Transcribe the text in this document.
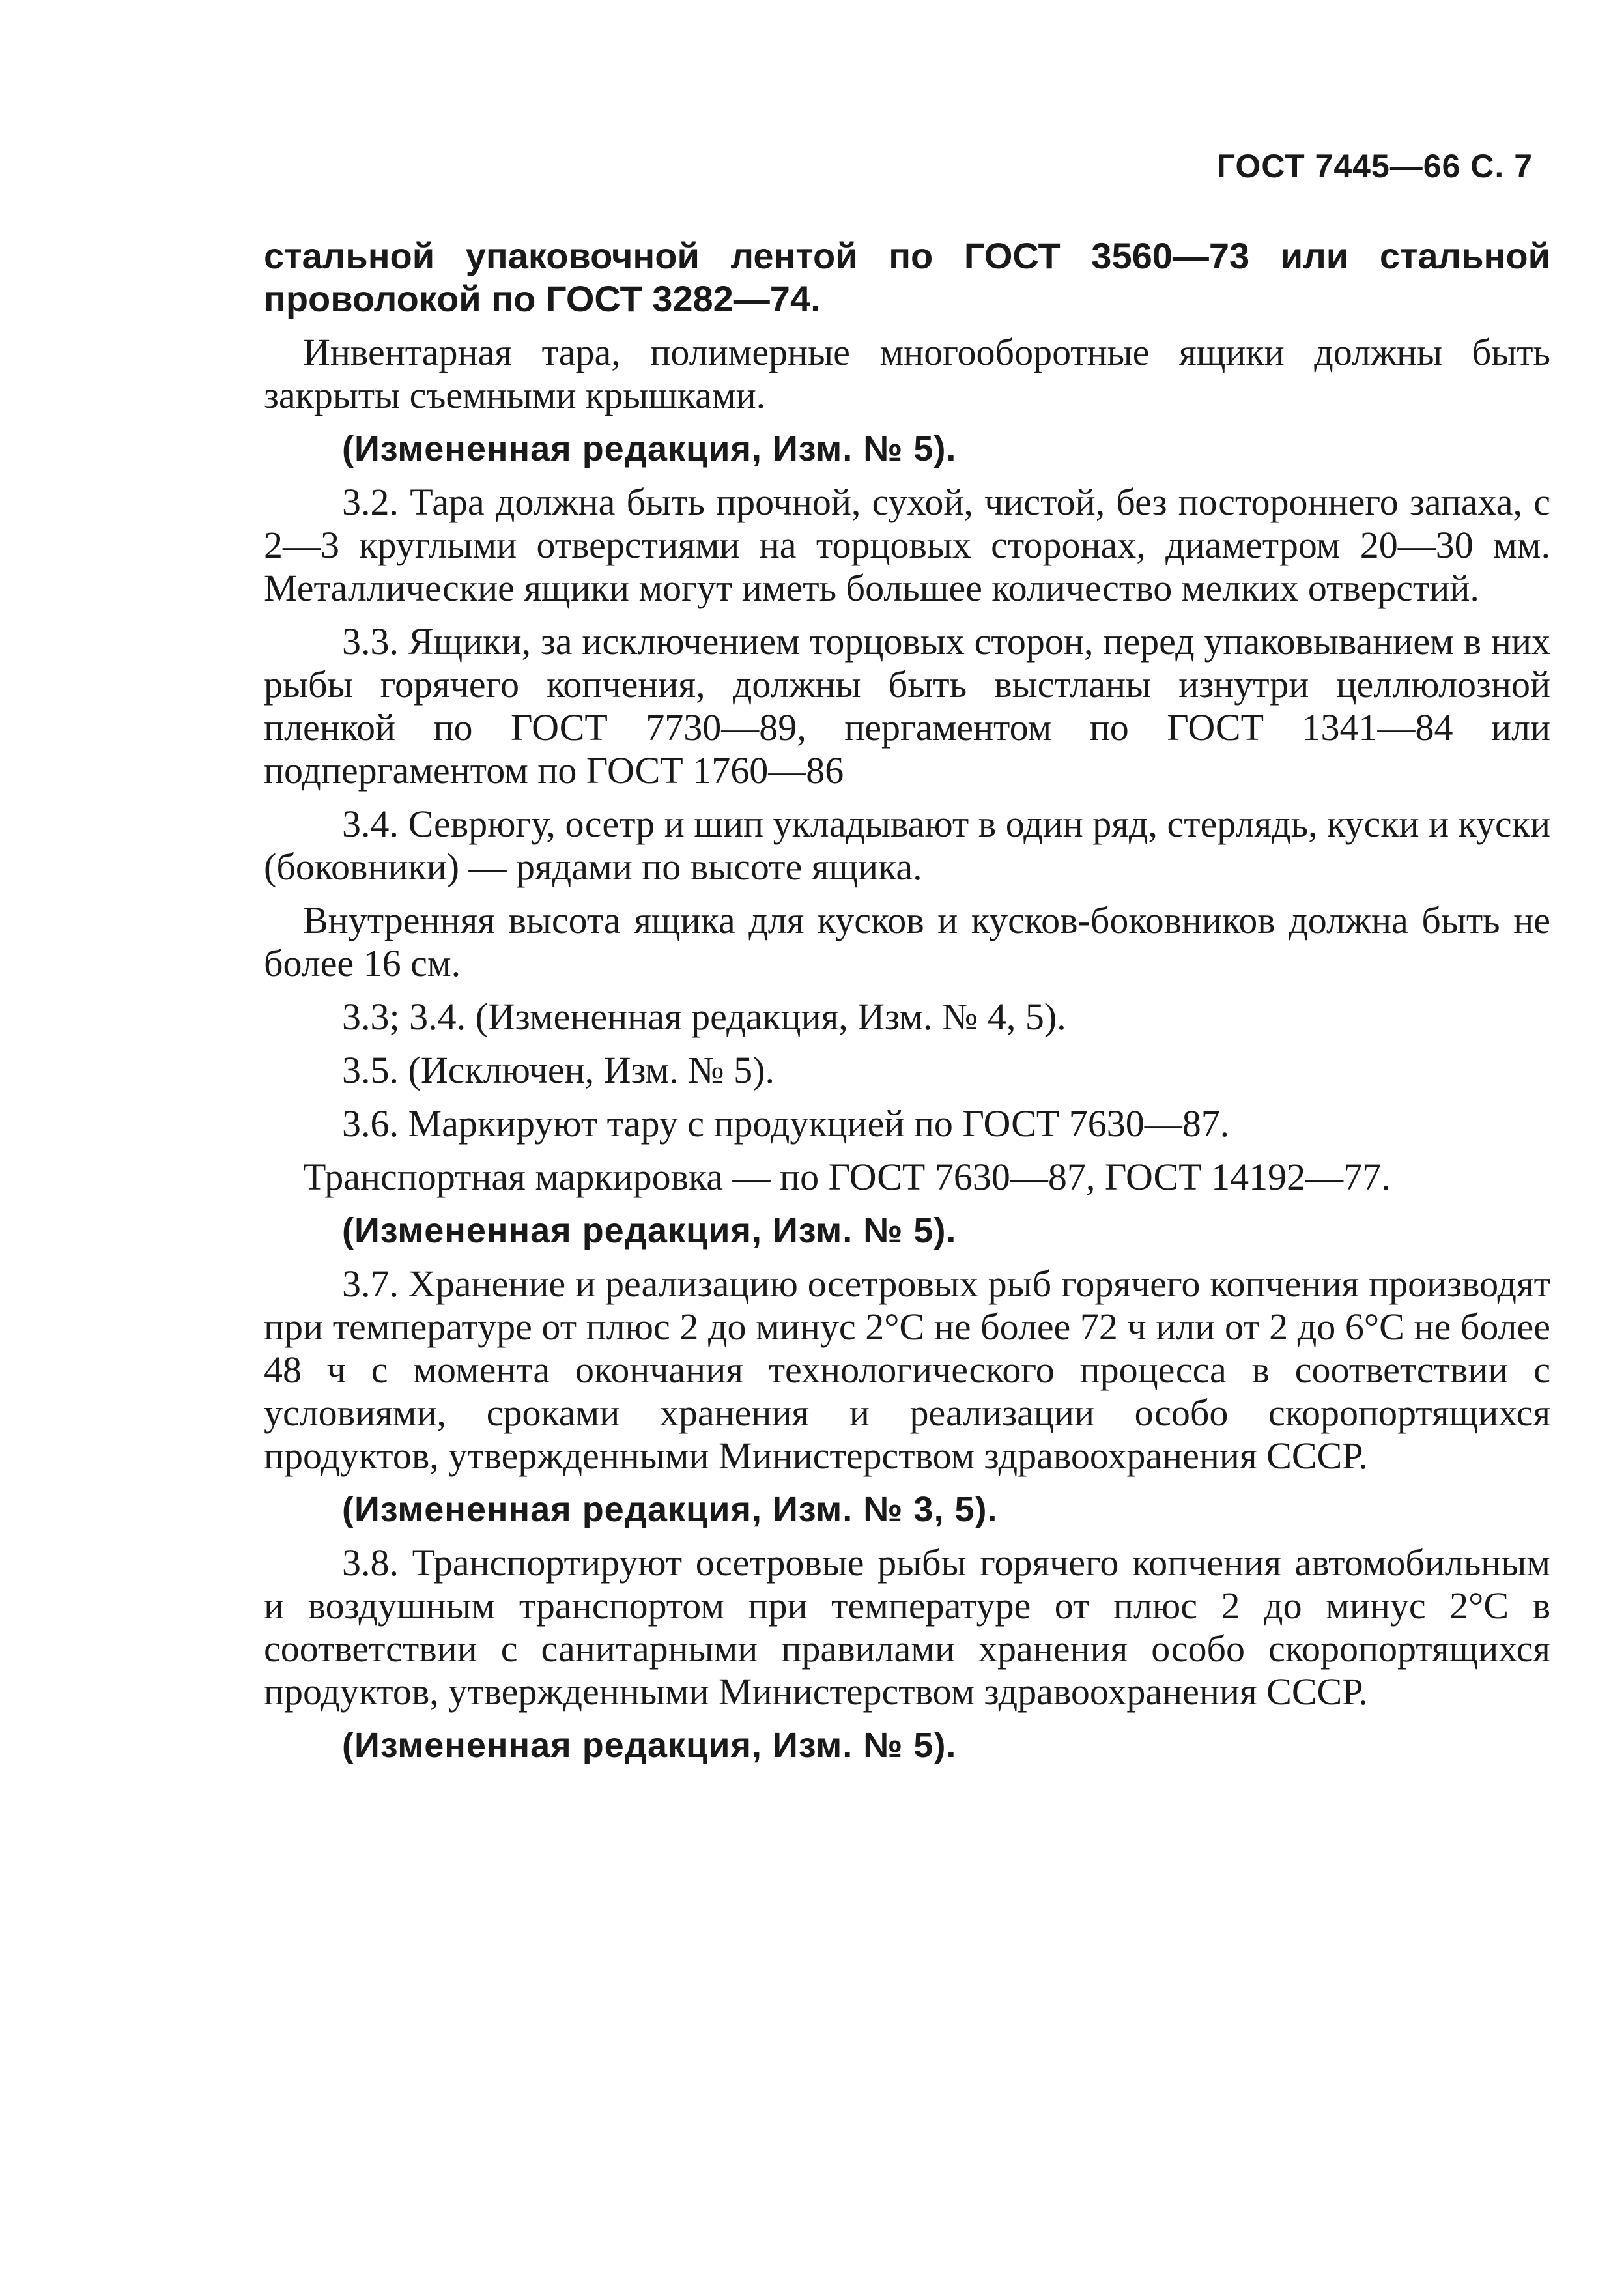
ГОСТ 7445—66 С. 7

стальной упаковочной лентой по ГОСТ 3560—73 или стальной проволокой по ГОСТ 3282—74.

Инвентарная тара, полимерные многооборотные ящики должны быть закрыты съемными крышками.

(Измененная редакция, Изм. № 5).

3.2. Тара должна быть прочной, сухой, чистой, без постороннего запаха, с 2—3 круглыми отверстиями на торцовых сторонах, диаметром 20—30 мм. Металлические ящики могут иметь большее количество мелких отверстий.

3.3. Ящики, за исключением торцовых сторон, перед упаковыванием в них рыбы горячего копчения, должны быть выстланы изнутри целлюлозной пленкой по ГОСТ 7730—89, пергаментом по ГОСТ 1341—84 или подпергаментом по ГОСТ 1760—86

3.4. Севрюгу, осетр и шип укладывают в один ряд, стерлядь, куски и куски (боковники) — рядами по высоте ящика.

Внутренняя высота ящика для кусков и кусков-боковников должна быть не более 16 см.

3.3; 3.4. (Измененная редакция, Изм. № 4, 5).

3.5. (Исключен, Изм. № 5).

3.6. Маркируют тару с продукцией по ГОСТ 7630—87.

Транспортная маркировка — по ГОСТ 7630—87, ГОСТ 14192—77.

(Измененная редакция, Изм. № 5).

3.7. Хранение и реализацию осетровых рыб горячего копчения производят при температуре от плюс 2 до минус 2°С не более 72 ч или от 2 до 6°С не более 48 ч с момента окончания технологического процесса в соответствии с условиями, сроками хранения и реализации особо скоропортящихся продуктов, утвержденными Министерством здравоохранения СССР.

(Измененная редакция, Изм. № 3, 5).

3.8. Транспортируют осетровые рыбы горячего копчения автомобильным и воздушным транспортом при температуре от плюс 2 до минус 2°С в соответствии с санитарными правилами хранения особо скоропортящихся продуктов, утвержденными Министерством здравоохранения СССР.

(Измененная редакция, Изм. № 5).
